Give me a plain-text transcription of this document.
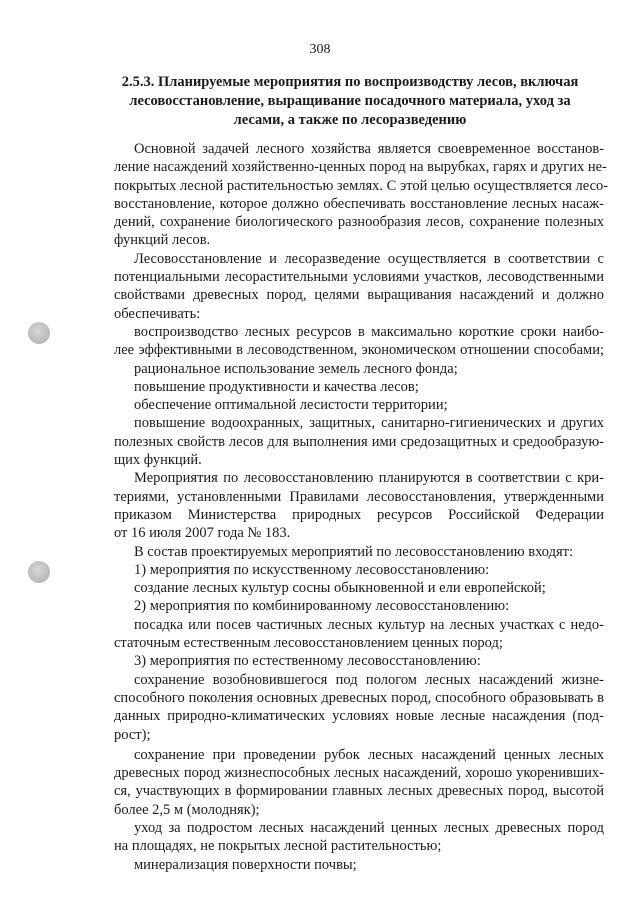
308
2.5.3. Планируемые мероприятия по воспроизводству лесов, включая
лесовосстановление, выращивание посадочного материала, уход за
лесами, а также по лесоразведению
Основной задачей лесного хозяйства является своевременное восстанов-
ление насаждений хозяйственно-ценных пород на вырубках, гарях и других не-
покрытых лесной растительностью землях. С этой целью осуществляется лесо-
восстановление, которое должно обеспечивать восстановление лесных насаж-
дений, сохранение биологического разнообразия лесов, сохранение полезных
функций лесов.
Лесовосстановление и лесоразведение осуществляется в соответствии с
потенциальными лесорастительными условиями участков, лесоводственными
свойствами древесных пород, целями выращивания насаждений и должно
обеспечивать:
воспроизводство лесных ресурсов в максимально короткие сроки наибо-
лее эффективными в лесоводственном, экономическом отношении способами;
рациональное использование земель лесного фонда;
повышение продуктивности и качества лесов;
обеспечение оптимальной лесистости территории;
повышение водоохранных, защитных, санитарно-гигиенических и других
полезных свойств лесов для выполнения ими средозащитных и средообразую-
щих функций.
Мероприятия по лесовосстановлению планируются в соответствии с кри-
териями, установленными Правилами лесовосстановления, утвержденными
приказом Министерства природных ресурсов Российской Федерации
от 16 июля 2007 года № 183.
В состав проектируемых мероприятий по лесовосстановлению входят:
1) мероприятия по искусственному лесовосстановлению:
создание лесных культур сосны обыкновенной и ели европейской;
2) мероприятия по комбинированному лесовосстановлению:
посадка или посев частичных лесных культур на лесных участках с недо-
статочным естественным лесовосстановлением ценных пород;
3) мероприятия по естественному лесовосстановлению:
сохранение возобновившегося под пологом лесных насаждений жизне-
способного поколения основных древесных пород, способного образовывать в
данных природно-климатических условиях новые лесные насаждения (под-
рост);
сохранение при проведении рубок лесных насаждений ценных лесных
древесных пород жизнеспособных лесных насаждений, хорошо укоренивших-
ся, участвующих в формировании главных лесных древесных пород, высотой
более 2,5 м (молодняк);
уход за подростом лесных насаждений ценных лесных древесных пород
на площадях, не покрытых лесной растительностью;
минерализация поверхности почвы;
